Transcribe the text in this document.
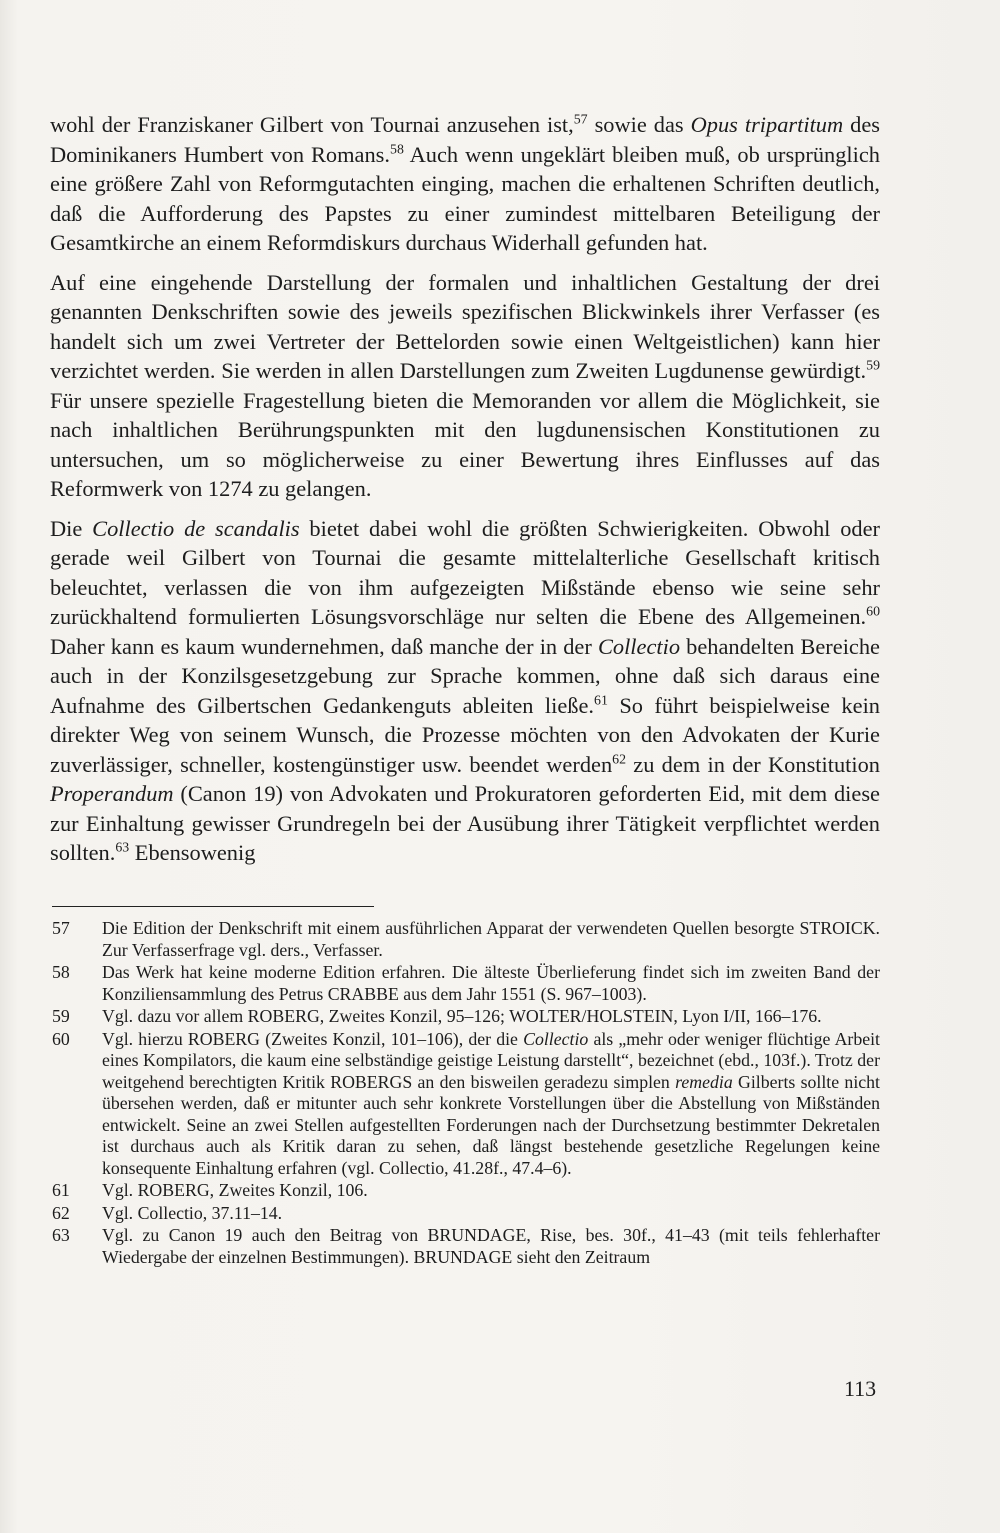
wohl der Franziskaner Gilbert von Tournai anzusehen ist,$^{57}$ sowie das Opus tripartitum des Dominikaners Humbert von Romans.$^{58}$ Auch wenn ungeklärt bleiben muß, ob ursprünglich eine größere Zahl von Reformgutachten einging, machen die erhaltenen Schriften deutlich, daß die Aufforderung des Papstes zu einer zumindest mittelbaren Beteiligung der Gesamtkirche an einem Reformdiskurs durchaus Widerhall gefunden hat.

Auf eine eingehende Darstellung der formalen und inhaltlichen Gestaltung der drei genannten Denkschriften sowie des jeweils spezifischen Blickwinkels ihrer Verfasser (es handelt sich um zwei Vertreter der Bettelorden sowie einen Weltgeistlichen) kann hier verzichtet werden. Sie werden in allen Darstellungen zum Zweiten Lugdunense gewürdigt.$^{59}$ Für unsere spezielle Fragestellung bieten die Memoranden vor allem die Möglichkeit, sie nach inhaltlichen Berührungspunkten mit den lugdunensischen Konstitutionen zu untersuchen, um so möglicherweise zu einer Bewertung ihres Einflusses auf das Reformwerk von 1274 zu gelangen.

Die Collectio de scandalis bietet dabei wohl die größten Schwierigkeiten. Obwohl oder gerade weil Gilbert von Tournai die gesamte mittelalterliche Gesellschaft kritisch beleuchtet, verlassen die von ihm aufgezeigten Mißstände ebenso wie seine sehr zurückhaltend formulierten Lösungsvorschläge nur selten die Ebene des Allgemeinen.$^{60}$ Daher kann es kaum wundernehmen, daß manche der in der Collectio behandelten Bereiche auch in der Konzilsgesetzgebung zur Sprache kommen, ohne daß sich daraus eine Aufnahme des Gilbertschen Gedankenguts ableiten ließe.$^{61}$ So führt beispielweise kein direkter Weg von seinem Wunsch, die Prozesse möchten von den Advokaten der Kurie zuverlässiger, schneller, kostengünstiger usw. beendet werden$^{62}$ zu dem in der Konstitution Properandum (Canon 19) von Advokaten und Prokuratoren geforderten Eid, mit dem diese zur Einhaltung gewisser Grundregeln bei der Ausübung ihrer Tätigkeit verpflichtet werden sollten.$^{63}$ Ebensowenig

57	Die Edition der Denkschrift mit einem ausführlichen Apparat der verwendeten Quellen besorgte STROICK. Zur Verfasserfrage vgl. ders., Verfasser.
58	Das Werk hat keine moderne Edition erfahren. Die älteste Überlieferung findet sich im zweiten Band der Konziliensammlung des Petrus CRABBE aus dem Jahr 1551 (S. 967–1003).
59	Vgl. dazu vor allem ROBERG, Zweites Konzil, 95–126; WOLTER/HOLSTEIN, Lyon I/II, 166–176.
60	Vgl. hierzu ROBERG (Zweites Konzil, 101–106), der die Collectio als „mehr oder weniger flüchtige Arbeit eines Kompilators, die kaum eine selbständige geistige Leistung darstellt“, bezeichnet (ebd., 103f.). Trotz der weitgehend berechtigten Kritik ROBERGS an den bisweilen geradezu simplen remedia Gilberts sollte nicht übersehen werden, daß er mitunter auch sehr konkrete Vorstellungen über die Abstellung von Mißständen entwickelt. Seine an zwei Stellen aufgestellten Forderungen nach der Durchsetzung bestimmter Dekretalen ist durchaus auch als Kritik daran zu sehen, daß längst bestehende gesetzliche Regelungen keine konsequente Einhaltung erfahren (vgl. Collectio, 41.28f., 47.4–6).
61	Vgl. ROBERG, Zweites Konzil, 106.
62	Vgl. Collectio, 37.11–14.
63	Vgl. zu Canon 19 auch den Beitrag von BRUNDAGE, Rise, bes. 30f., 41–43 (mit teils fehlerhafter Wiedergabe der einzelnen Bestimmungen). BRUNDAGE sieht den Zeitraum
113
